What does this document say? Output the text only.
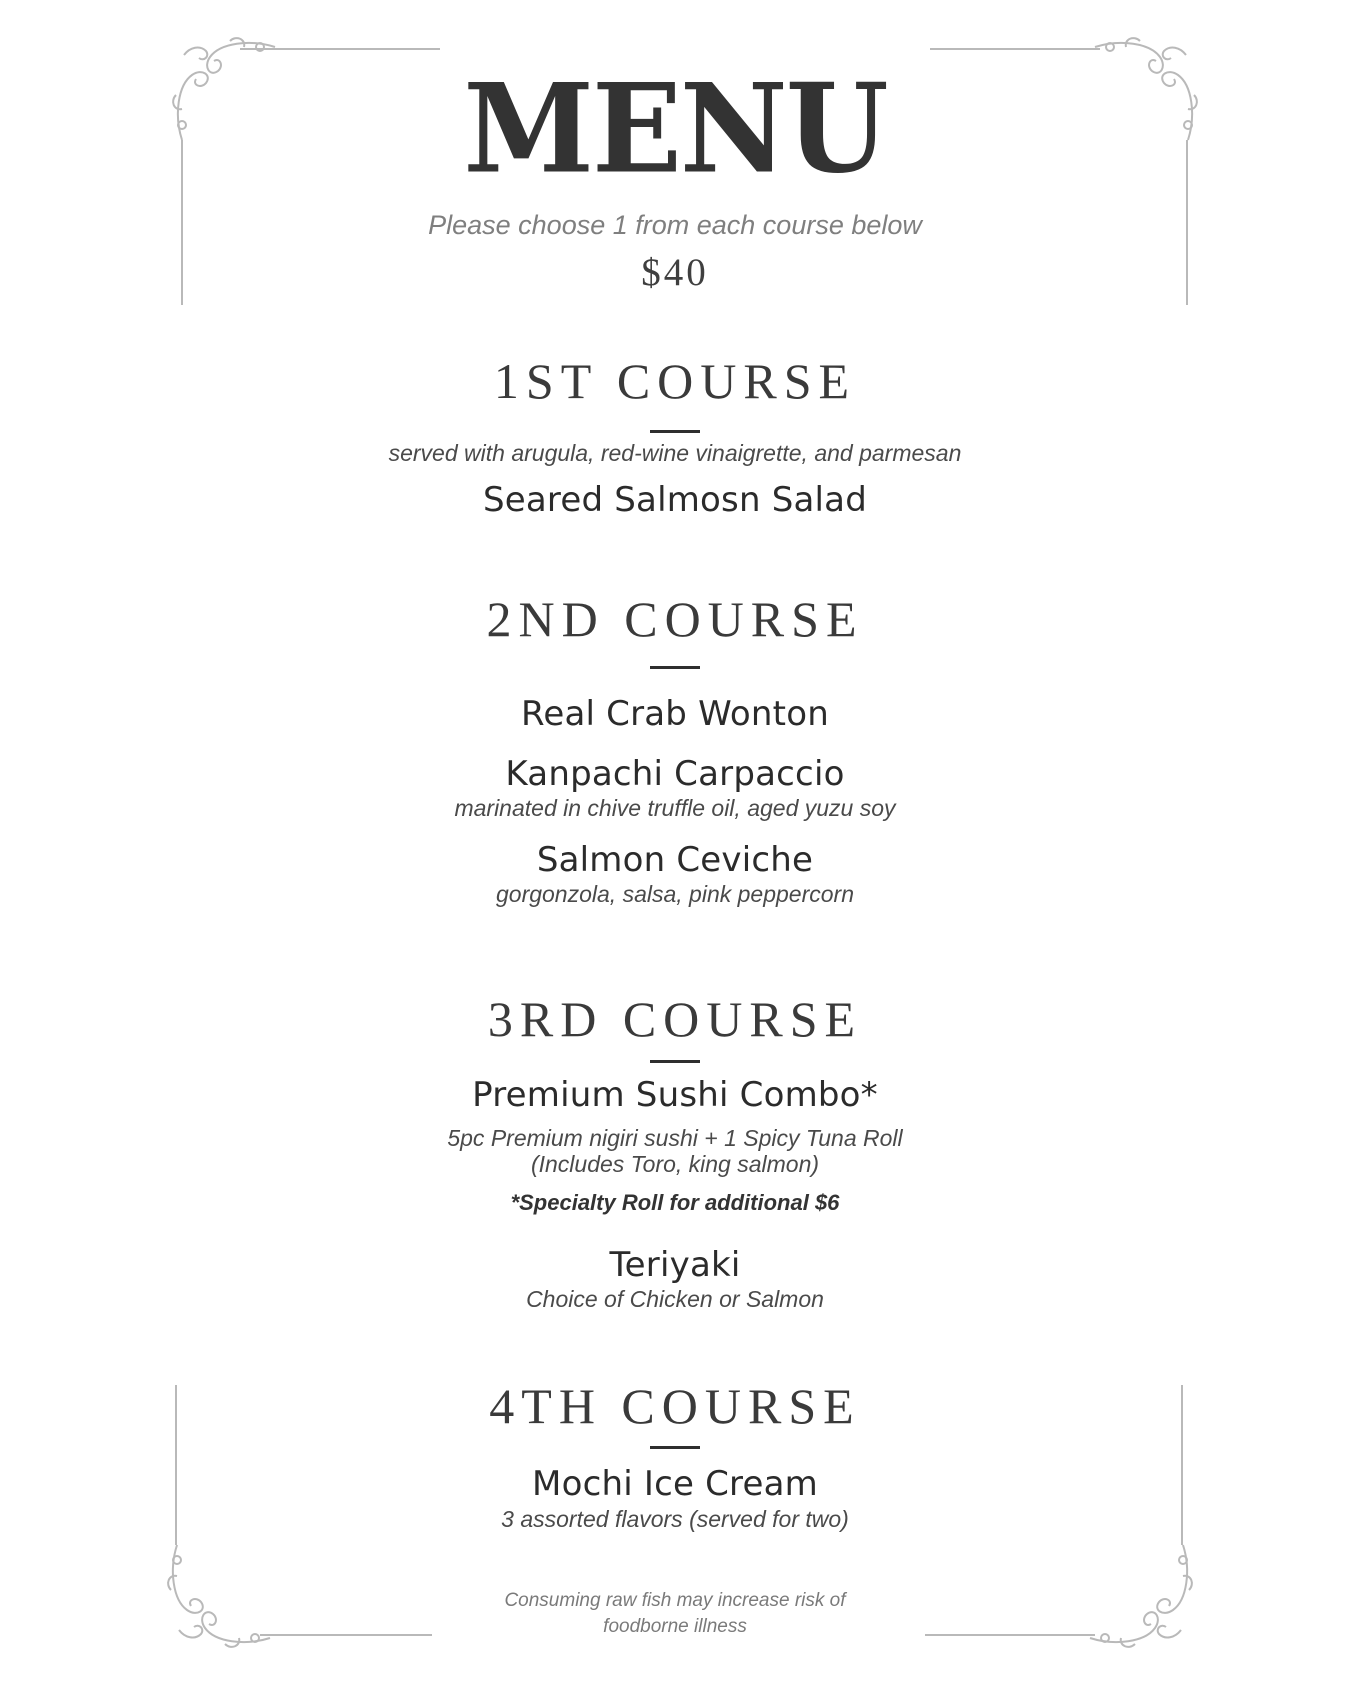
MENU
Please choose 1 from each course below
$40
1ST COURSE
served with arugula, red-wine vinaigrette, and parmesan
Seared Salmosn Salad
2ND COURSE
Real Crab Wonton
Kanpachi Carpaccio
marinated in chive truffle oil, aged yuzu soy
Salmon Ceviche
gorgonzola, salsa, pink peppercorn
3RD COURSE
Premium Sushi Combo*
5pc Premium nigiri sushi + 1 Spicy Tuna Roll
(Includes Toro, king salmon)
*Specialty Roll for additional $6
Teriyaki
Choice of Chicken or Salmon
4TH COURSE
Mochi Ice Cream
3 assorted flavors (served for two)
Consuming raw fish may increase risk of
foodborne illness
